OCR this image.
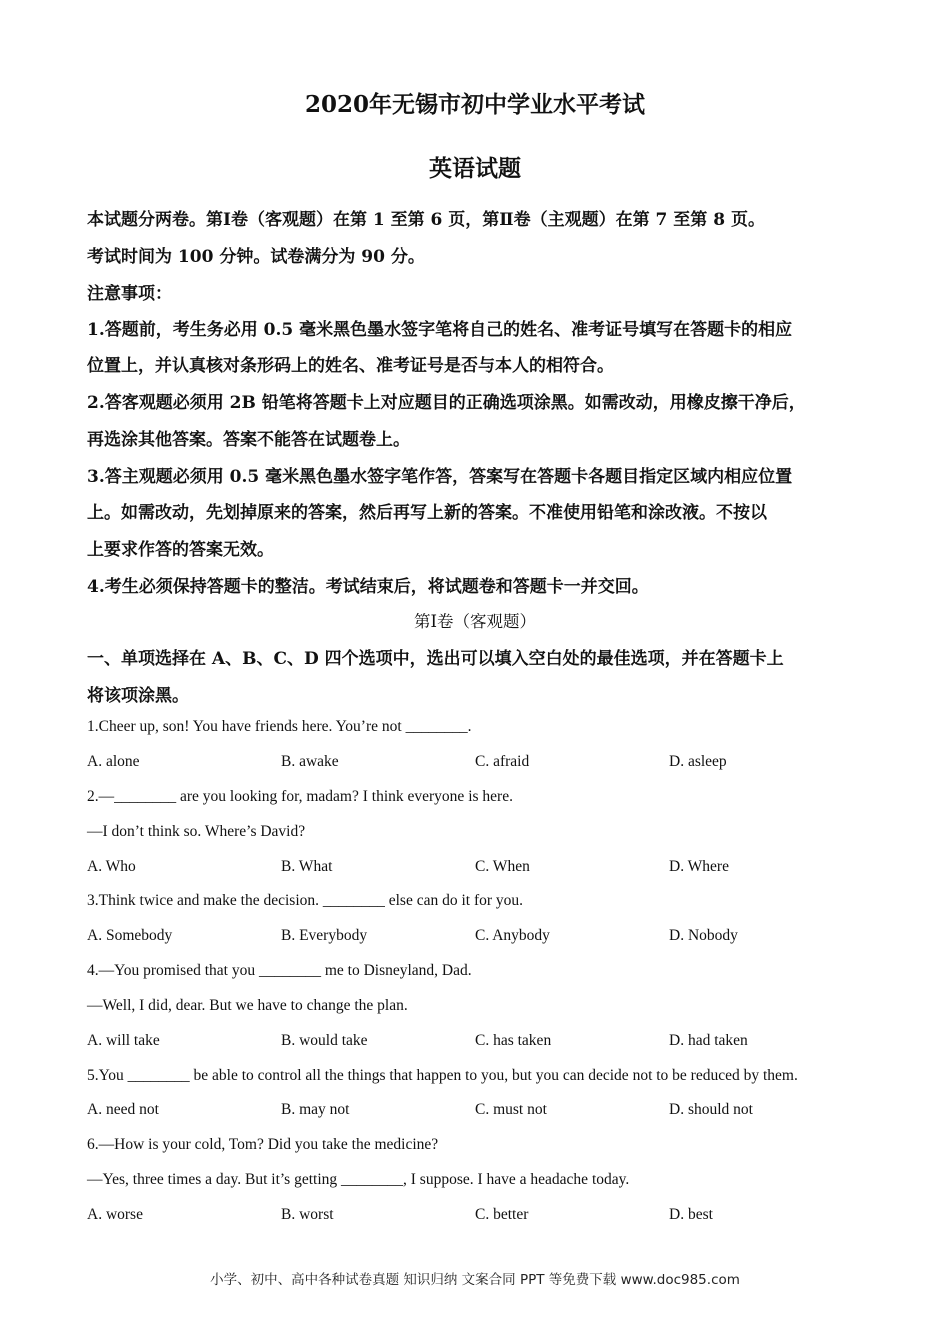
2020年无锡市初中学业水平考试
英语试题
本试题分两卷。第Ⅰ卷（客观题）在第 1 至第 6 页，第Ⅱ卷（主观题）在第 7 至第 8 页。
考试时间为 100 分钟。试卷满分为 90 分。
注意事项：
1.答题前，考生务必用 0.5 毫米黑色墨水签字笔将自己的姓名、准考证号填写在答题卡的相应
位置上，并认真核对条形码上的姓名、准考证号是否与本人的相符合。
2.答客观题必须用 2B 铅笔将答题卡上对应题目的正确选项涂黑。如需改动，用橡皮擦干净后，
再选涂其他答案。答案不能答在试题卷上。
3.答主观题必须用 0.5 毫米黑色墨水签字笔作答，答案写在答题卡各题目指定区域内相应位置
上。如需改动，先划掉原来的答案，然后再写上新的答案。不准使用铅笔和涂改液。不按以
上要求作答的答案无效。
4.考生必须保持答题卡的整洁。考试结束后，将试题卷和答题卡一并交回。
第Ⅰ卷（客观题）
一、单项选择在 A、B、C、D 四个选项中，选出可以填入空白处的最佳选项，并在答题卡上
将该项涂黑。
1.Cheer up, son! You have friends here. You’re not ________.
A. alone	B. awake	C. afraid	D. asleep
2.—________ are you looking for, madam? I think everyone is here.
—I don’t think so. Where’s David?
A. Who	B. What	C. When	D. Where
3.Think twice and make the decision. ________ else can do it for you.
A. Somebody	B. Everybody	C. Anybody	D. Nobody
4.—You promised that you ________ me to Disneyland, Dad.
—Well, I did, dear. But we have to change the plan.
A. will take	B. would take	C. has taken	D. had taken
5.You ________ be able to control all the things that happen to you, but you can decide not to be reduced by them.
A. need not	B. may not	C. must not	D. should not
6.—How is your cold, Tom? Did you take the medicine?
—Yes, three times a day. But it’s getting ________, I suppose. I have a headache today.
A. worse	B. worst	C. better	D. best
小学、初中、高中各种试卷真题 知识归纳 文案合同 PPT 等免费下载 www.doc985.com
